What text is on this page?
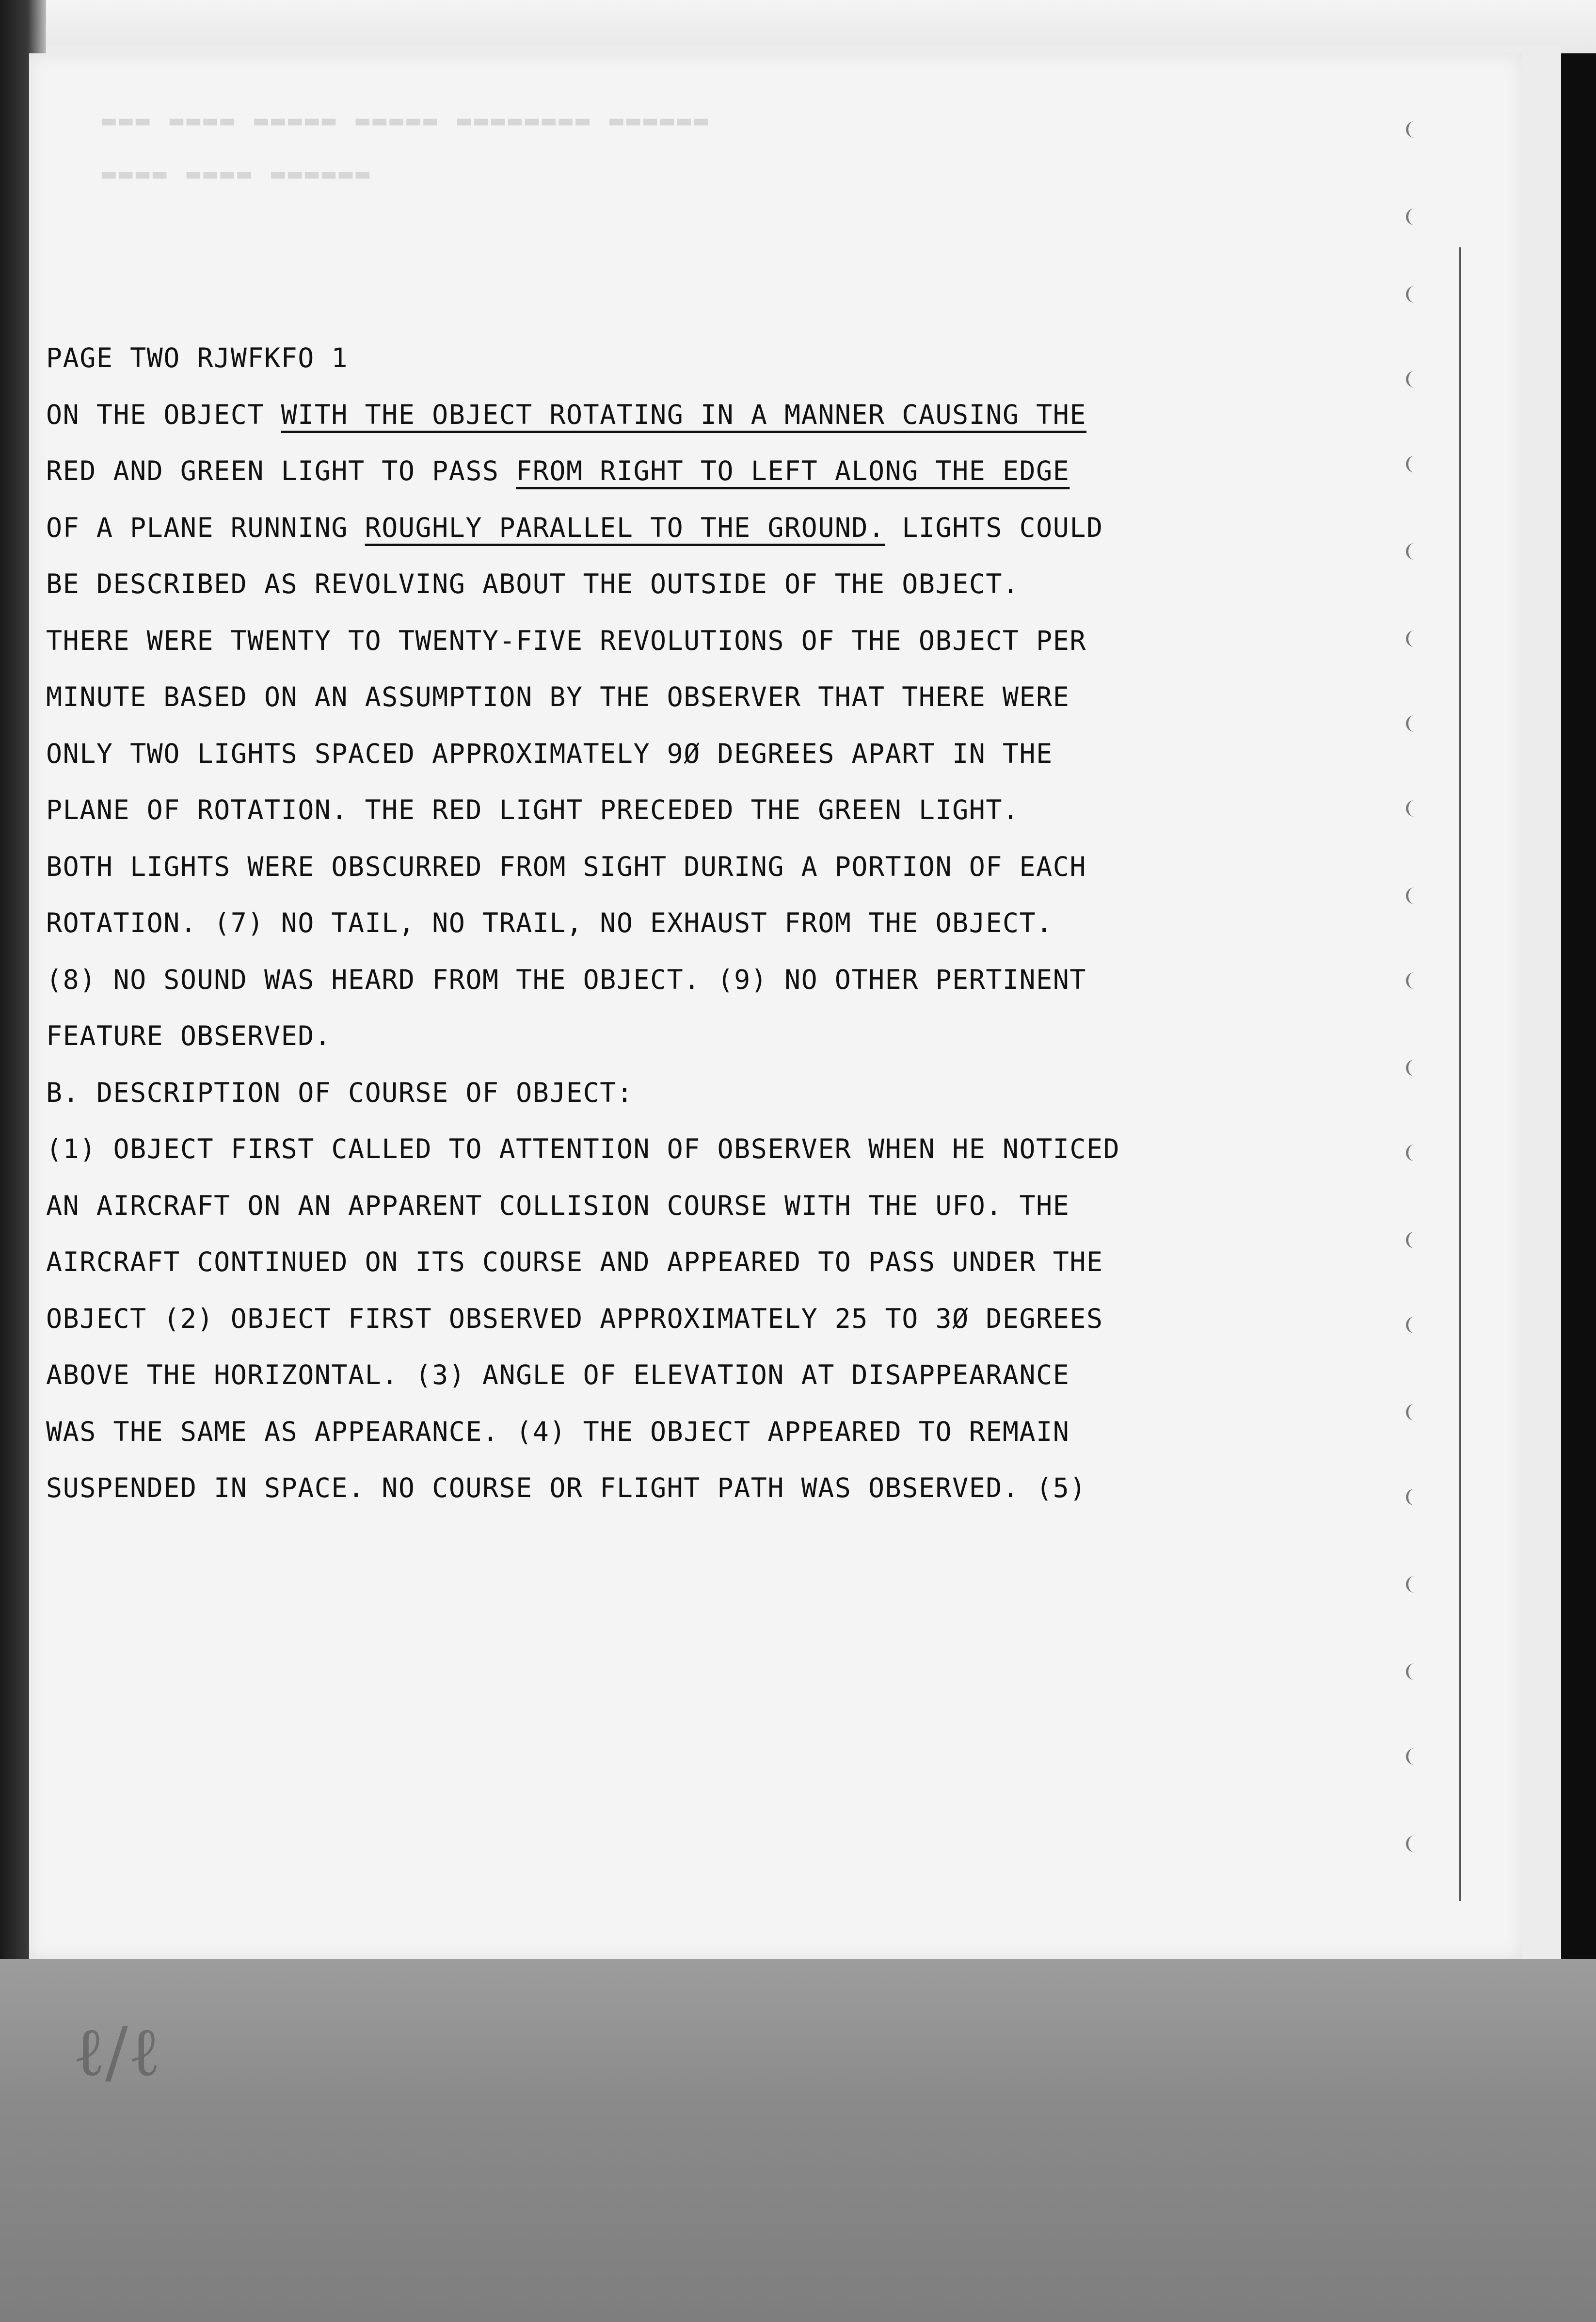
▬▬▬ ▬▬▬▬ ▬▬▬▬▬ ▬▬▬▬▬ ▬▬▬▬▬▬▬▬ ▬▬▬▬▬▬
▬▬▬▬ ▬▬▬▬ ▬▬▬▬▬▬
PAGE TWO RJWFKFO 1
ON THE OBJECT WITH THE OBJECT ROTATING IN A MANNER CAUSING THE
RED AND GREEN LIGHT TO PASS FROM RIGHT TO LEFT ALONG THE EDGE
OF A PLANE RUNNING ROUGHLY PARALLEL TO THE GROUND. LIGHTS COULD
BE DESCRIBED AS REVOLVING ABOUT THE OUTSIDE OF THE OBJECT.
THERE WERE TWENTY TO TWENTY-FIVE REVOLUTIONS OF THE OBJECT PER
MINUTE BASED ON AN ASSUMPTION BY THE OBSERVER THAT THERE WERE
ONLY TWO LIGHTS SPACED APPROXIMATELY 9Ø DEGREES APART IN THE
PLANE OF ROTATION. THE RED LIGHT PRECEDED THE GREEN LIGHT.
BOTH LIGHTS WERE OBSCURRED FROM SIGHT DURING A PORTION OF EACH
ROTATION. (7) NO TAIL, NO TRAIL, NO EXHAUST FROM THE OBJECT.
(8) NO SOUND WAS HEARD FROM THE OBJECT. (9) NO OTHER PERTINENT
FEATURE OBSERVED.
B. DESCRIPTION OF COURSE OF OBJECT:
(1) OBJECT FIRST CALLED TO ATTENTION OF OBSERVER WHEN HE NOTICED
AN AIRCRAFT ON AN APPARENT COLLISION COURSE WITH THE UFO. THE
AIRCRAFT CONTINUED ON ITS COURSE AND APPEARED TO PASS UNDER THE
OBJECT (2) OBJECT FIRST OBSERVED APPROXIMATELY 25 TO 3Ø DEGREES
ABOVE THE HORIZONTAL. (3) ANGLE OF ELEVATION AT DISAPPEARANCE
WAS THE SAME AS APPEARANCE. (4) THE OBJECT APPEARED TO REMAIN
SUSPENDED IN SPACE. NO COURSE OR FLIGHT PATH WAS OBSERVED. (5)
ℓ/ℓ
